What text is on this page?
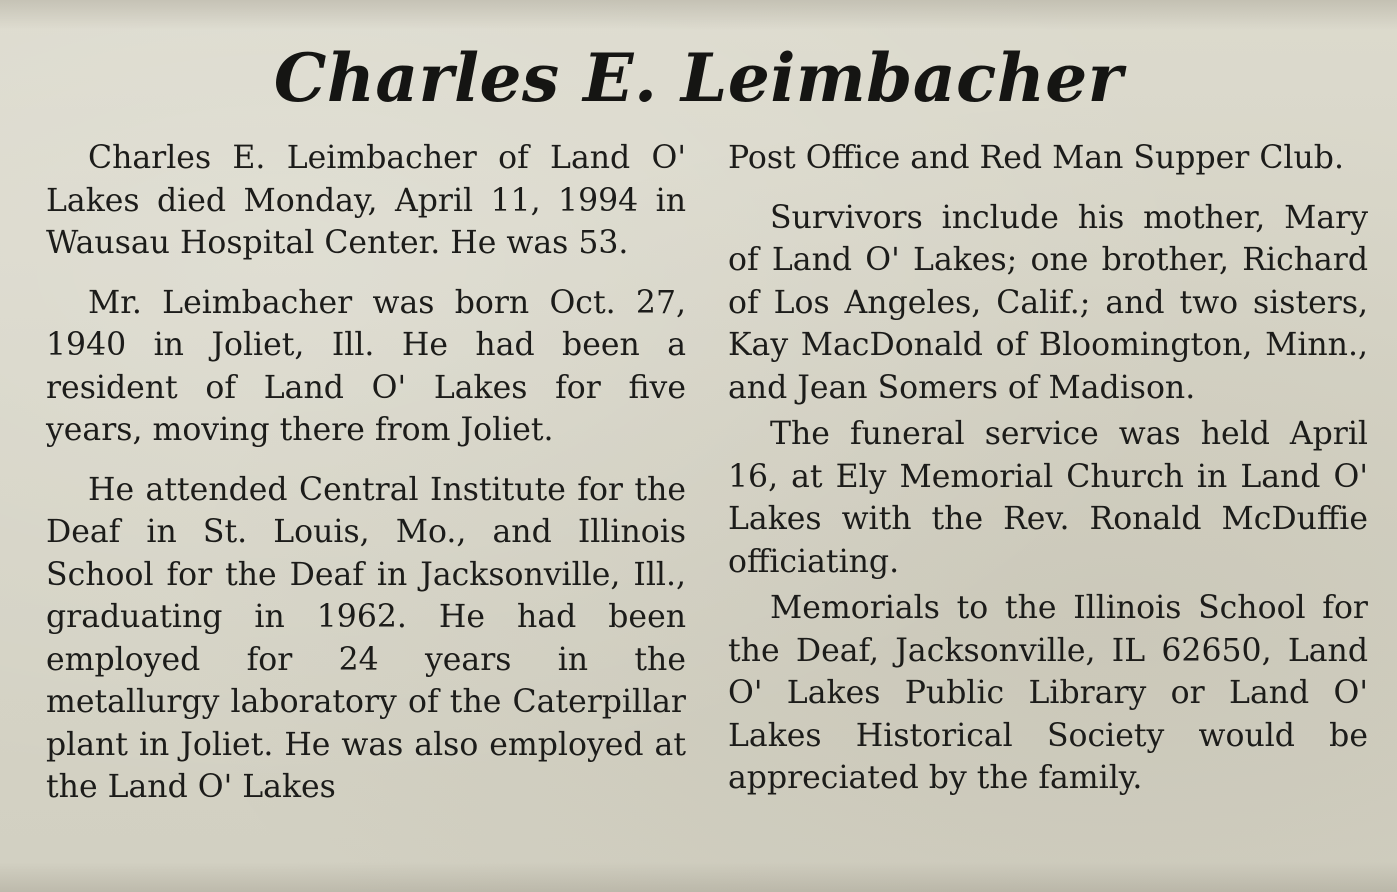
Charles E. Leimbacher

Charles E. Leimbacher of Land O' Lakes died Monday, April 11, 1994 in Wausau Hospital Center. He was 53.

Mr. Leimbacher was born Oct. 27, 1940 in Joliet, Ill. He had been a resident of Land O' Lakes for five years, moving there from Joliet.

He attended Central Institute for the Deaf in St. Louis, Mo., and Illinois School for the Deaf in Jacksonville, Ill., graduating in 1962. He had been employed for 24 years in the metallurgy laboratory of the Caterpillar plant in Joliet. He was also employed at the Land O' Lakes

Post Office and Red Man Supper Club.

Survivors include his mother, Mary of Land O' Lakes; one brother, Richard of Los Angeles, Calif.; and two sisters, Kay MacDonald of Bloomington, Minn., and Jean Somers of Madison.

The funeral service was held April 16, at Ely Memorial Church in Land O' Lakes with the Rev. Ronald McDuffie officiating.

Memorials to the Illinois School for the Deaf, Jacksonville, IL 62650, Land O' Lakes Public Library or Land O' Lakes Historical Society would be appreciated by the family.
